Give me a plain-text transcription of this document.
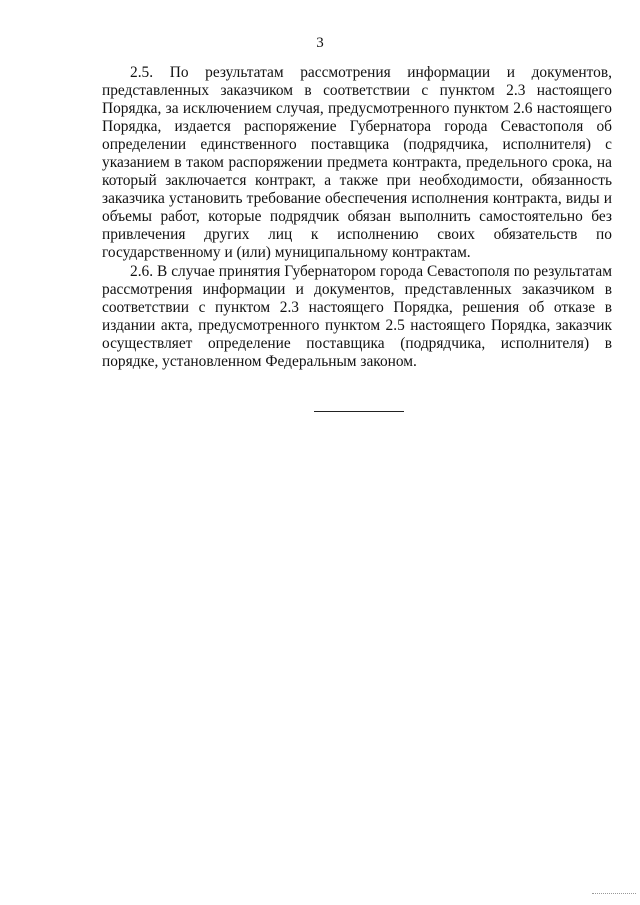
3

2.5. По результатам рассмотрения информации и документов, представленных заказчиком в соответствии с пунктом 2.3 настоящего Порядка, за исключением случая, предусмотренного пунктом 2.6 настоящего Порядка, издается распоряжение Губернатора города Севастополя об определении единственного поставщика (подрядчика, исполнителя) с указанием в таком распоряжении предмета контракта, предельного срока, на который заключается контракт, а также при необходимости, обязанность заказчика установить требование обеспечения исполнения контракта, виды и объемы работ, которые подрядчик обязан выполнить самостоятельно без привлечения других лиц к исполнению своих обязательств по государственному и (или) муниципальному контрактам.

2.6. В случае принятия Губернатором города Севастополя по результатам рассмотрения информации и документов, представленных заказчиком в соответствии с пунктом 2.3 настоящего Порядка, решения об отказе в издании акта, предусмотренного пунктом 2.5 настоящего Порядка, заказчик осуществляет определение поставщика (подрядчика, исполнителя) в порядке, установленном Федеральным законом.
